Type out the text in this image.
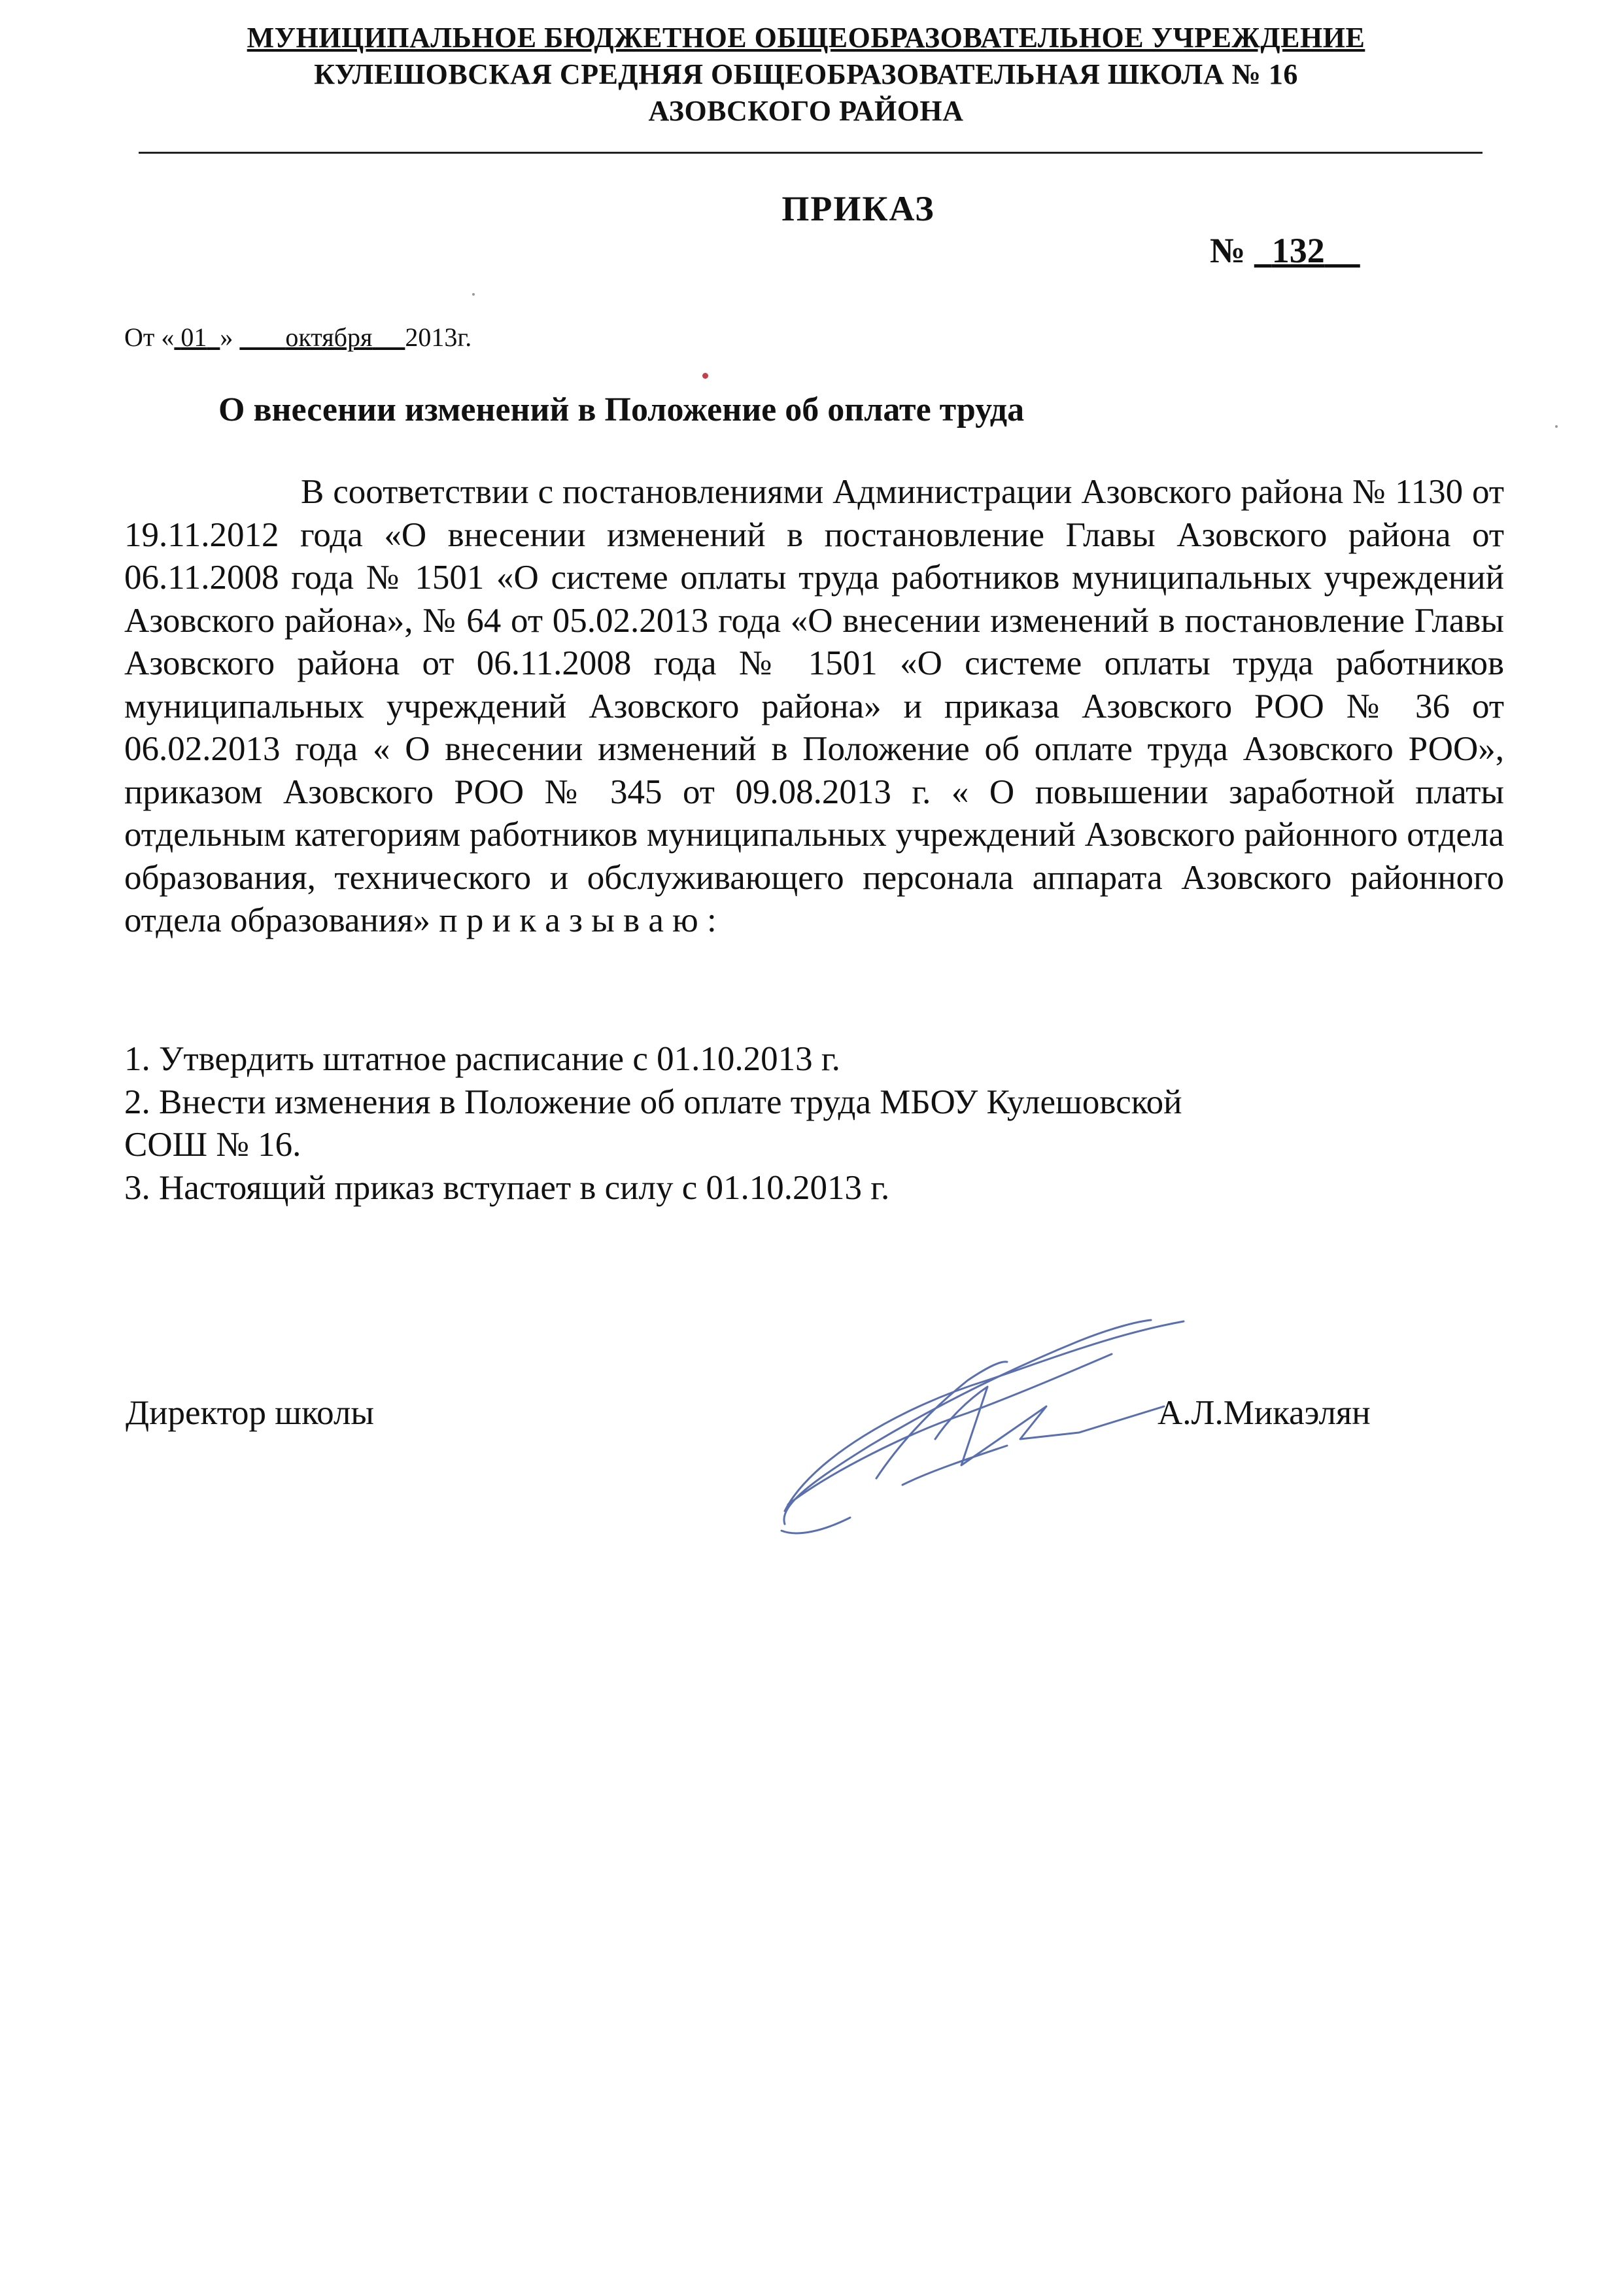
МУНИЦИПАЛЬНОЕ БЮДЖЕТНОЕ ОБЩЕОБРАЗОВАТЕЛЬНОЕ УЧРЕЖДЕНИЕ
КУЛЕШОВСКАЯ СРЕДНЯЯ ОБЩЕОБРАЗОВАТЕЛЬНАЯ ШКОЛА № 16
АЗОВСКОГО РАЙОНА
ПРИКАЗ
№ 132
От « 01 » октября 2013г.
О внесении изменений в Положение об оплате труда
В соответствии с постановлениями Администрации Азовского района № 1130 от 19.11.2012 года «О внесении изменений в постановление Главы Азовского района от 06.11.2008 года № 1501 «О системе оплаты труда работников муниципальных учреждений Азовского района», № 64 от 05.02.2013 года «О внесении изменений в постановление Главы Азовского района от 06.11.2008 года № 1501 «О системе оплаты труда работников муниципальных учреждений Азовского района» и приказа Азовского РОО № 36 от 06.02.2013 года « О внесении изменений в Положение об оплате труда Азовского РОО», приказом Азовского РОО № 345 от 09.08.2013 г. « О повышении заработной платы отдельным категориям работников муниципальных учреждений Азовского районного отдела образования, технического и обслуживающего персонала аппарата Азовского районного отдела образования» п р и к а з ы в а ю :
1. Утвердить штатное расписание с 01.10.2013 г.
2. Внести изменения в Положение об оплате труда МБОУ Кулешовской
СОШ № 16.
3. Настоящий приказ вступает в силу с 01.10.2013 г.
Директор школы	А.Л.Микаэлян
